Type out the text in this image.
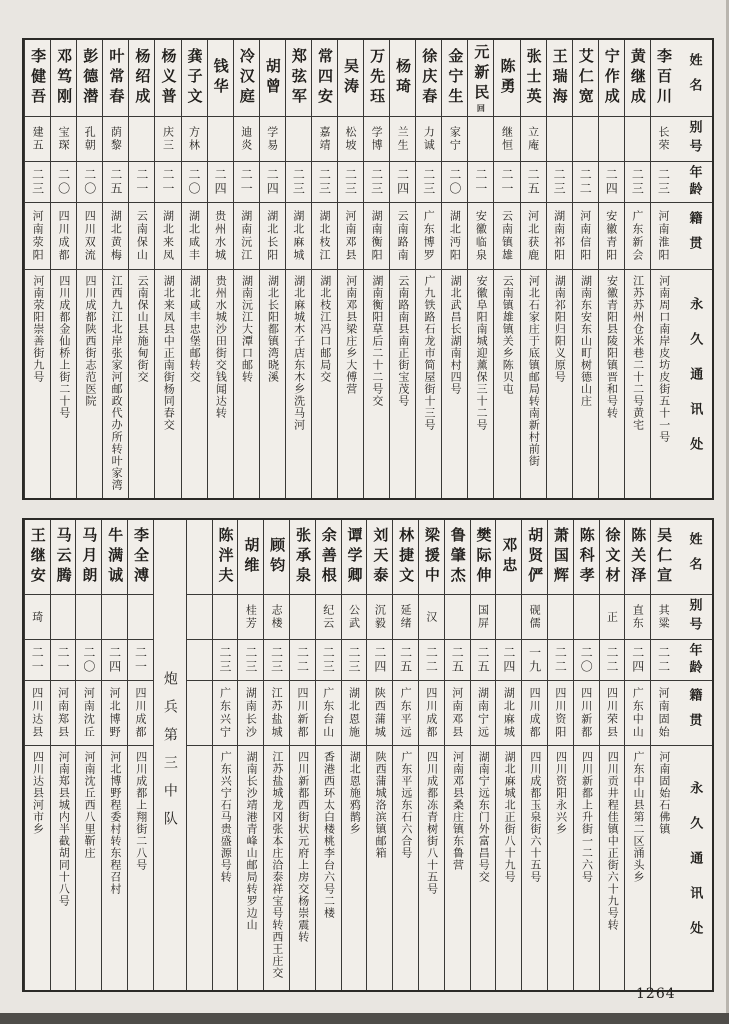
姓名
别号
年龄
籍贯
永久通讯处
李百川
长荣
二三
河南淮阳
河南周口南岸皮坊皮街五十一号
黄继成
二三
广东新会
江苏苏州仓米巷二十二号黄宅
宁作成
二四
安徽青阳
安徽青阳县陵阳镇晋和号转
艾仁宽
二二
河南信阳
湖南东安东山町树德山庄
王瑞海
二三
湖南祁阳
湖南祁阳归阳义原号
张士英
立庵
二五
河北获鹿
河北石家庄于底镇邮局转南新村前街
陈勇
继恒
二一
云南镇雄
云南镇雄镇关乡陈贝屯
元新民回
二一
安徽临泉
安徽阜阳南城迎薰保三十二号
金宁生
家宁
二〇
湖北沔阳
湖北武昌长湖南村四号
徐庆春
力诚
二三
广东博罗
广九铁路石龙市简屋街十三号
杨琦
兰生
二四
云南路南
云南路南县南正街宝茂号
万先珏
学博
二三
湖南衡阳
湖南衡阳草后二十二号交
吴涛
松坡
二三
河南邓县
河南邓县梁庄乡大傅营
常四安
嘉靖
二三
湖北枝江
湖北枝江冯口邮局交
郑弦军
二三
湖北麻城
湖北麻城木子店东木乡洗马河
胡曾
学易
二四
湖北长阳
湖北长阳都镇湾晓溪
冷汉庭
迪炎
二一
湖南沅江
湖南沅江大潭口邮转
钱华
二四
贵州水城
贵州水城沙田街交钱闻达转
龚子文
方林
二〇
湖北咸丰
湖北咸丰忠堡邮转交
杨义普
庆三
二一
湖北来凤
湖北来凤县中正南街杨同春交
杨绍成
二一
云南保山
云南保山县施甸街交
叶常春
荫黎
二五
湖北黄梅
江西九江北岸张家河邮政代办所转叶家湾
彭德潜
孔朝
二〇
四川双流
四川成都陕西街志范医院
邓笃刚
宝琛
二〇
四川成都
四川成都金仙桥上街二十号
李健吾
建五
二三
河南荥阳
河南荥阳崇善街九号
姓名
别号
年龄
籍贯
永久通讯处
吴仁宣
其粱
二二
河南固始
河南固始石佛镇
陈关泽
直东
二四
广东中山
广东中山县第二区涌头乡
徐文材
正
二二
四川荣县
四川贡井程佳镇中正街六十九号转
陈科孝
二〇
四川新都
四川新都上升街一二六号
萧国辉
二二
四川资阳
四川资阳永兴乡
胡贤俨
砚儒
一九
四川成都
四川成都玉泉街六十五号
邓忠
二四
湖北麻城
湖北麻城北正街八十九号
樊际伸
国屏
二五
湖南宁远
湖南宁远东门外富昌号交
鲁肇杰
二五
河南邓县
河南邓县桑庄镇东鲁营
梁援中
汉
二二
四川成都
四川成都冻青树街八十五号
林捷文
延绪
二五
广东平远
广东平远东石六合号
刘天泰
沉毅
二四
陕西蒲城
陕西蒲城洛滨镇邮箱
谭学卿
公武
二三
湖北恩施
湖北恩施鸦鹊乡
余善根
纪云
二三
广东台山
香港西环太白楼桃李台六号二楼
张承泉
二二
四川新都
四川新都西街状元府上房交杨崇震转
顾钧
志楼
二三
江苏盐城
江苏盐城龙冈张本庄洽泰祥宝号转西王庄交
胡维
桂芳
二三
湖南长沙
湖南长沙靖港青峰山邮局转罗边山
陈泮夫
二三
广东兴宁
广东兴宁石马贵盛源号转
炮兵第三中队
李全溥
二一
四川成都
四川成都上翔街二八号
牛满诚
二四
河北博野
河北博野程委村转东程召村
马月朗
二〇
河南沈丘
河南沈丘西八里靳庄
马云腾
二一
河南郑县
河南郑县城内半截胡同十八号
王继安
琦
二一
四川达县
四川达县河市乡
1264
